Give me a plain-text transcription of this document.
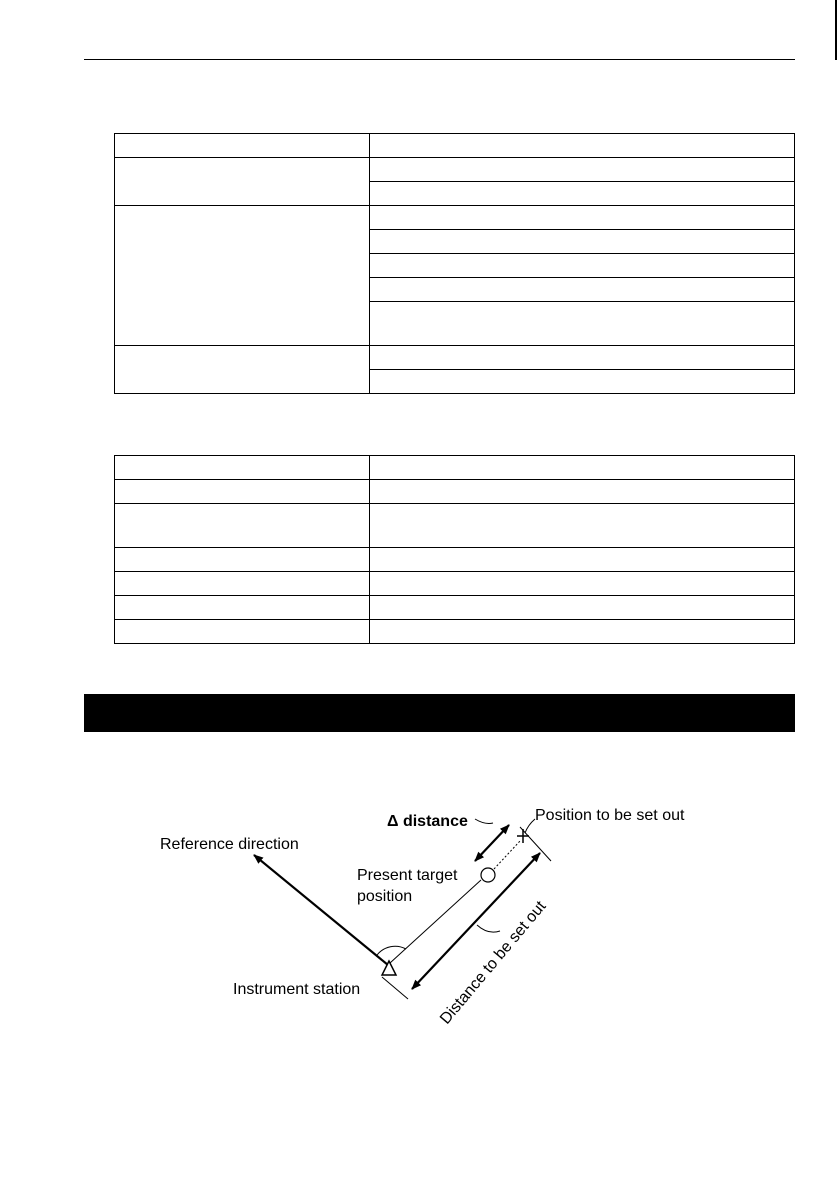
Δ distance	Position to be set out
Reference direction
Present target
position
Instrument station	Distance to be set out
